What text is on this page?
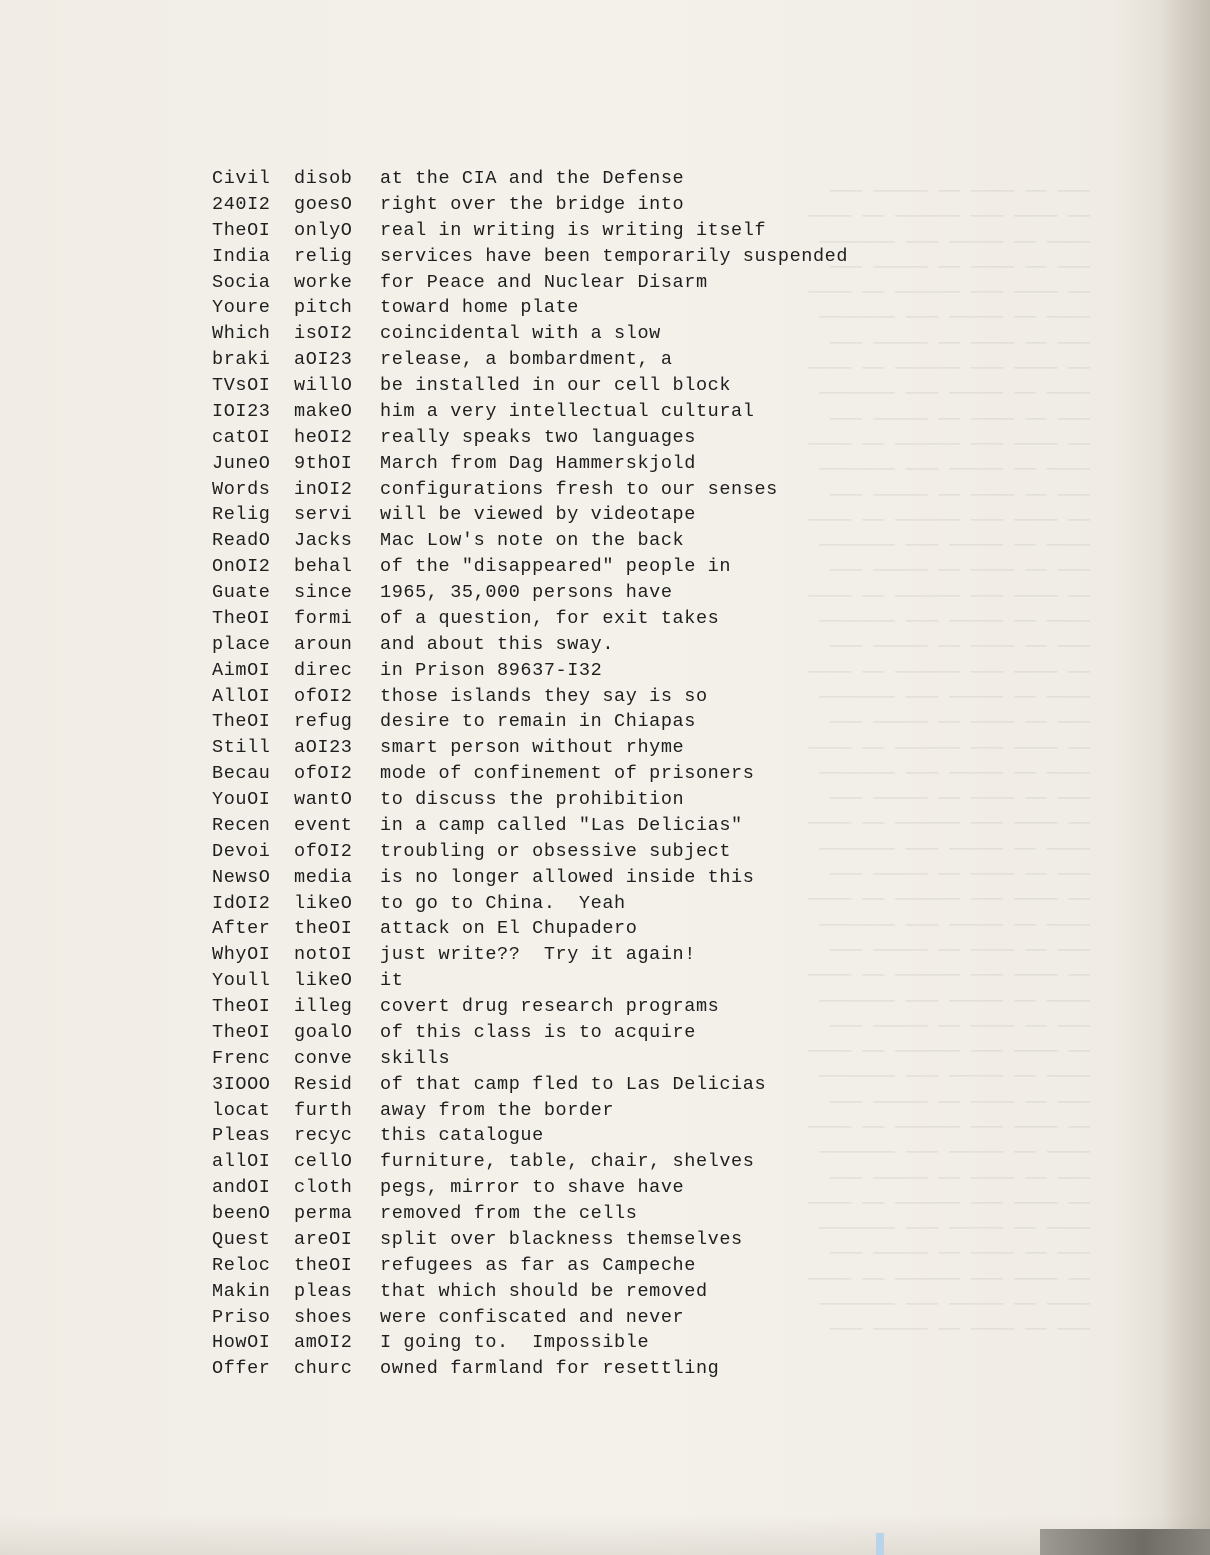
——— —— ———— —— ————— ———
—— ———— ——— —————— —— ————
———— —— ————— ——— ———————
——— —— ———— —— ————— ———
—— ———— ——— —————— —— ————
———— —— ————— ——— ———————
——— —— ———— —— ————— ———
—— ———— ——— —————— —— ————
———— —— ————— ——— ———————
——— —— ———— —— ————— ———
—— ———— ——— —————— —— ————
———— —— ————— ——— ———————
——— —— ———— —— ————— ———
—— ———— ——— —————— —— ————
———— —— ————— ——— ———————
——— —— ———— —— ————— ———
—— ———— ——— —————— —— ————
———— —— ————— ——— ———————
——— —— ———— —— ————— ———
—— ———— ——— —————— —— ————
———— —— ————— ——— ———————
——— —— ———— —— ————— ———
—— ———— ——— —————— —— ————
———— —— ————— ——— ———————
——— —— ———— —— ————— ———
—— ———— ——— —————— —— ————
———— —— ————— ——— ———————
——— —— ———— —— ————— ———
—— ———— ——— —————— —— ————
———— —— ————— ——— ———————
——— —— ———— —— ————— ———
—— ———— ——— —————— —— ————
———— —— ————— ——— ———————
——— —— ———— —— ————— ———
—— ———— ——— —————— —— ————
———— —— ————— ——— ———————
——— —— ———— —— ————— ———
—— ———— ——— —————— —— ————
———— —— ————— ——— ———————
——— —— ———— —— ————— ———
—— ———— ——— —————— —— ————
———— —— ————— ——— ———————
——— —— ———— —— ————— ———
—— ———— ——— —————— —— ————
———— —— ————— ——— ———————
——— —— ———— —— ————— ———
Civil	disob	at the CIA and the Defense
240I2	goesO	right over the bridge into
TheOI	onlyO	real in writing is writing itself
India	relig	services have been temporarily suspended
Socia	worke	for Peace and Nuclear Disarm
Youre	pitch	toward home plate
Which	isOI2	coincidental with a slow
braki	aOI23	release, a bombardment, a
TVsOI	willO	be installed in our cell block
IOI23	makeO	him a very intellectual cultural
catOI	heOI2	really speaks two languages
JuneO	9thOI	March from Dag Hammerskjold
Words	inOI2	configurations fresh to our senses
Relig	servi	will be viewed by videotape
ReadO	Jacks	Mac Low's note on the back
OnOI2	behal	of the "disappeared" people in
Guate	since	1965, 35,000 persons have
TheOI	formi	of a question, for exit takes
place	aroun	and about this sway.
AimOI	direc	in Prison 89637-I32
AllOI	ofOI2	those islands they say is so
TheOI	refug	desire to remain in Chiapas
Still	aOI23	smart person without rhyme
Becau	ofOI2	mode of confinement of prisoners
YouOI	wantO	to discuss the prohibition
Recen	event	in a camp called "Las Delicias"
Devoi	ofOI2	troubling or obsessive subject
NewsO	media	is no longer allowed inside this
IdOI2	likeO	to go to China.  Yeah
After	theOI	attack on El Chupadero
WhyOI	notOI	just write??  Try it again!
Youll	likeO	it
TheOI	illeg	covert drug research programs
TheOI	goalO	of this class is to acquire
Frenc	conve	skills
3IOOO	Resid	of that camp fled to Las Delicias
locat	furth	away from the border
Pleas	recyc	this catalogue
allOI	cellO	furniture, table, chair, shelves
andOI	cloth	pegs, mirror to shave have
beenO	perma	removed from the cells
Quest	areOI	split over blackness themselves
Reloc	theOI	refugees as far as Campeche
Makin	pleas	that which should be removed
Priso	shoes	were confiscated and never
HowOI	amOI2	I going to.  Impossible
Offer	churc	owned farmland for resettling
